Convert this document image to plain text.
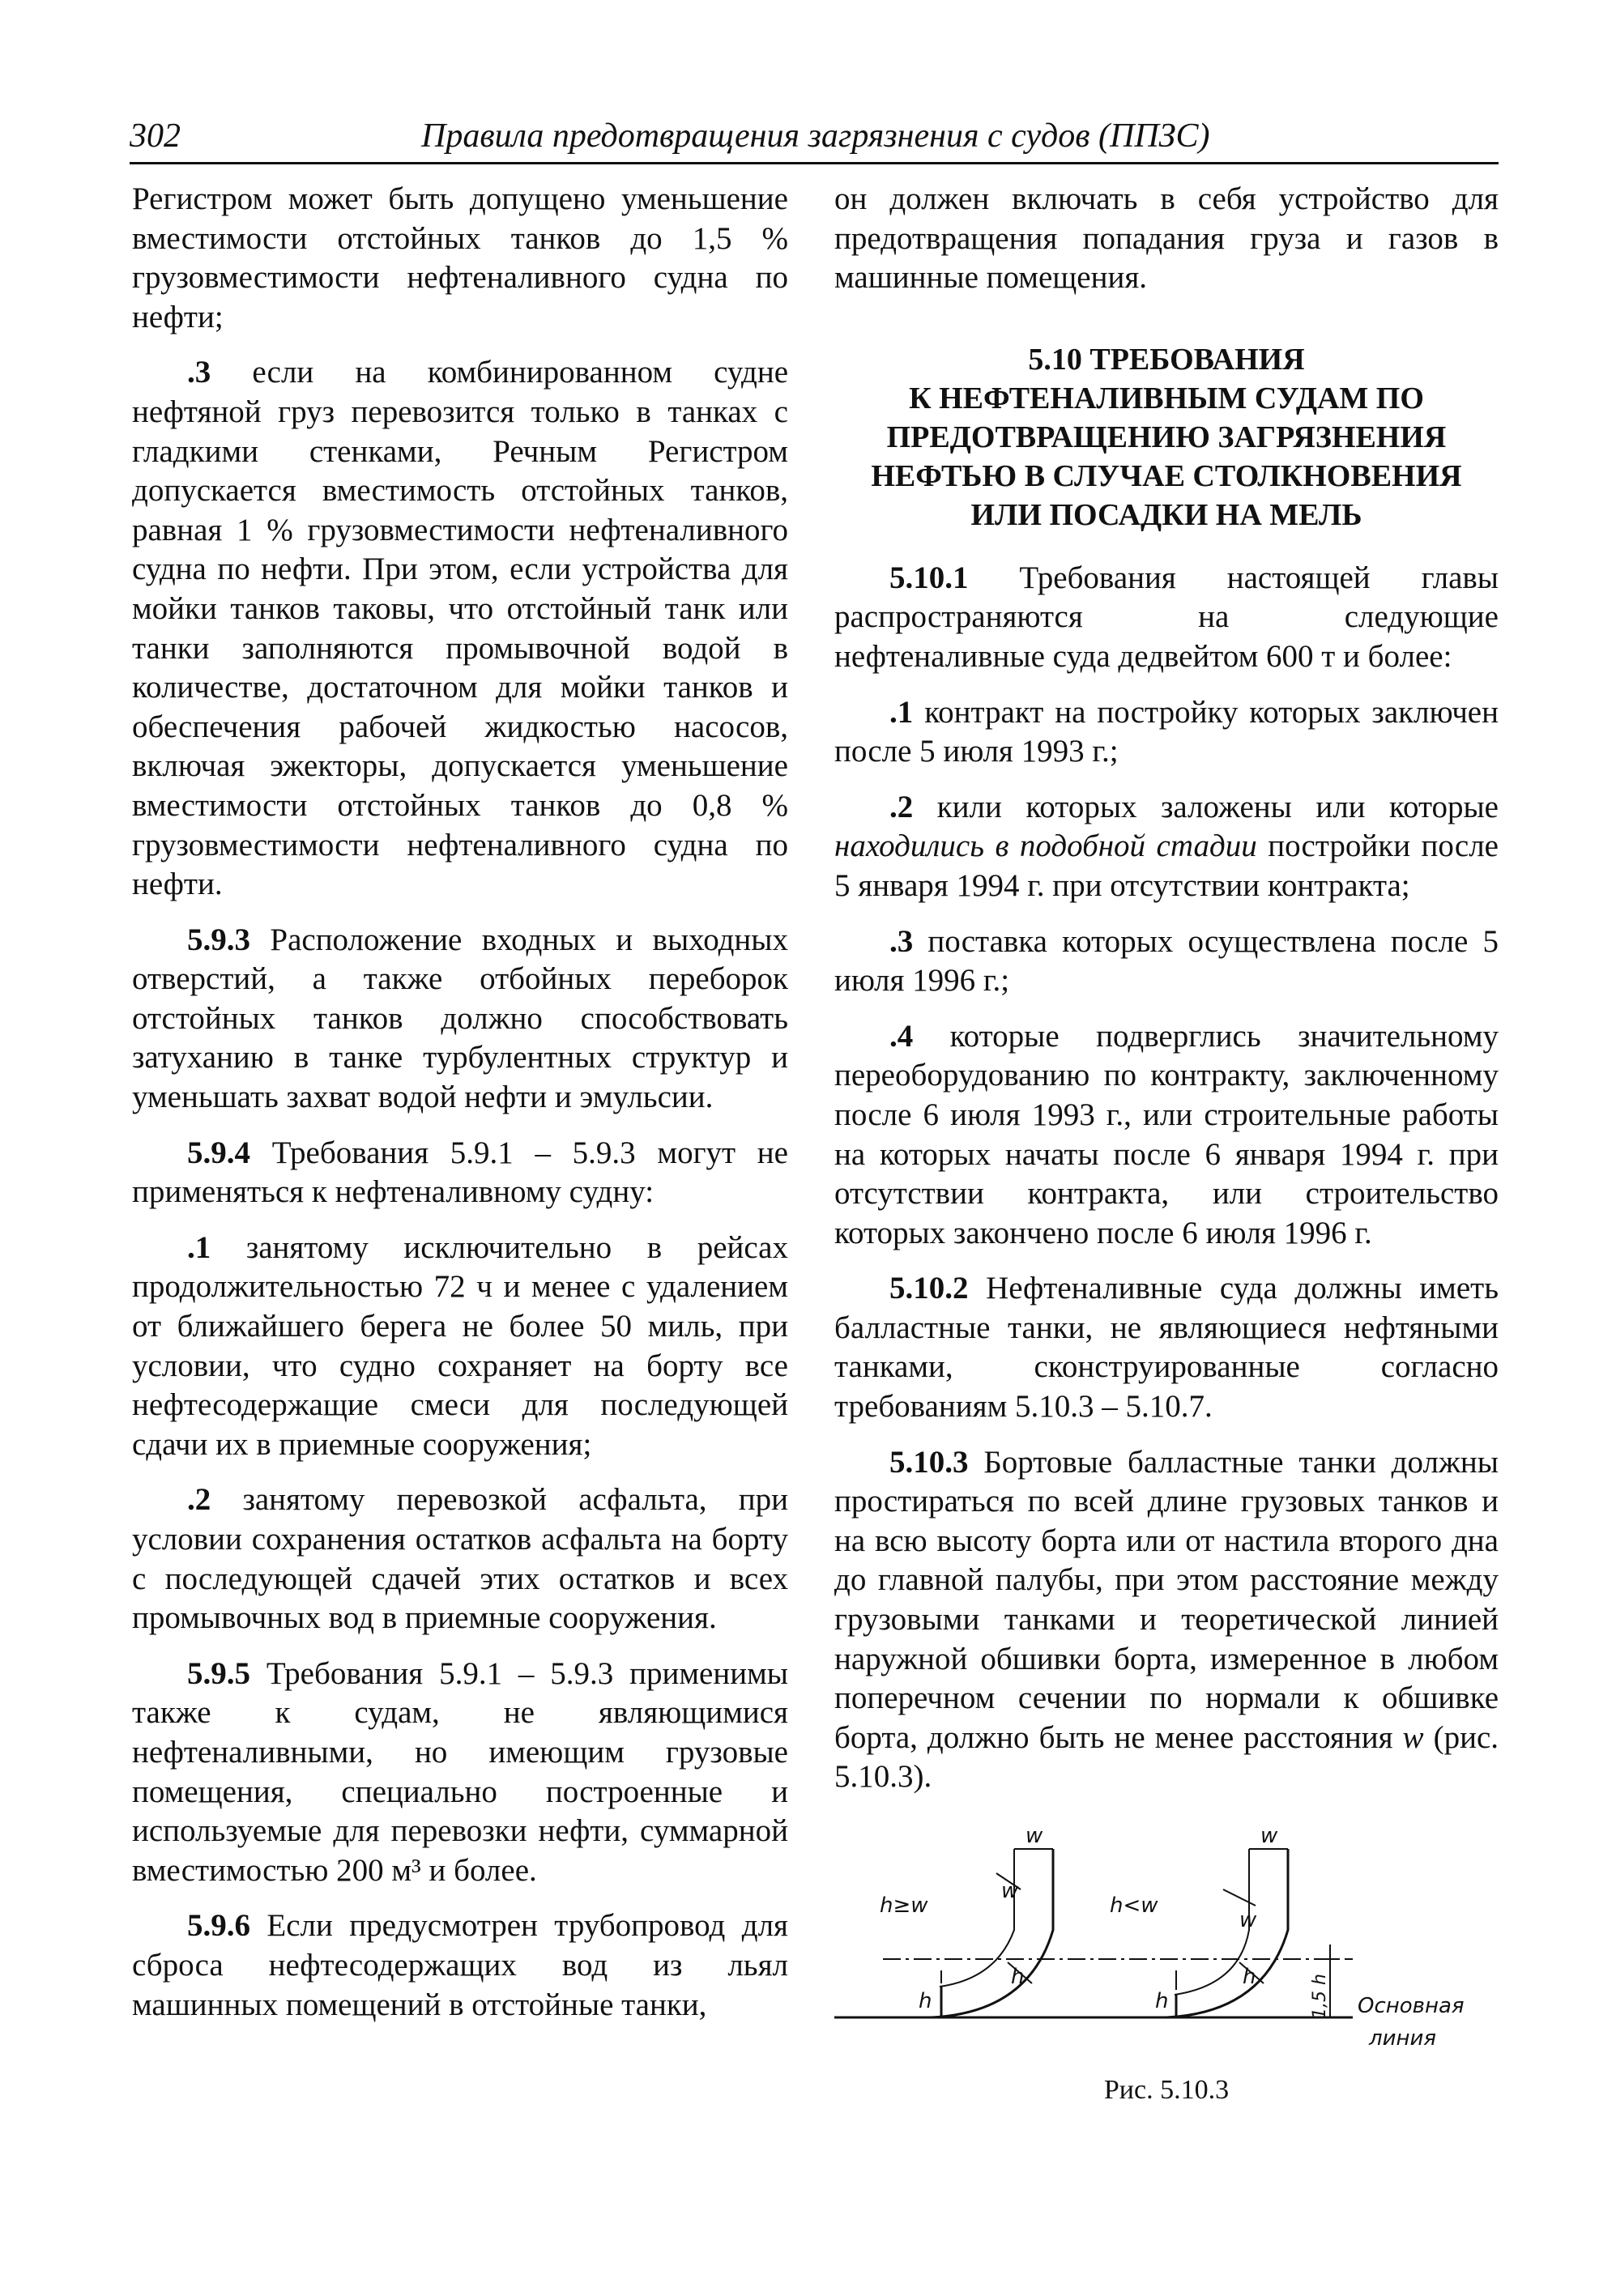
302	Правила предотвращения загрязнения с судов (ППЗС)

Регистром может быть допущено уменьшение вместимости отстойных танков до 1,5 % грузовместимости нефтеналивного судна по нефти;

.3 если на комбинированном судне нефтяной груз перевозится только в танках с гладкими стенками, Речным Регистром допускается вместимость отстойных танков, равная 1 % грузовместимости нефтеналивного судна по нефти. При этом, если устройства для мойки танков таковы, что отстойный танк или танки заполняются промывочной водой в количестве, достаточном для мойки танков и обеспечения рабочей жидкостью насосов, включая эжекторы, допускается уменьшение вместимости отстойных танков до 0,8 % грузовместимости нефтеналивного судна по нефти.

5.9.3 Расположение входных и выходных отверстий, а также отбойных переборок отстойных танков должно способствовать затуханию в танке турбулентных структур и уменьшать захват водой нефти и эмульсии.

5.9.4 Требования 5.9.1 – 5.9.3 могут не применяться к нефтеналивному судну:

.1 занятому исключительно в рейсах продолжительностью 72 ч и менее с удалением от ближайшего берега не более 50 миль, при условии, что судно сохраняет на борту все нефтесодержащие смеси для последующей сдачи их в приемные сооружения;

.2 занятому перевозкой асфальта, при условии сохранения остатков асфальта на борту с последующей сдачей этих остатков и всех промывочных вод в приемные сооружения.

5.9.5 Требования 5.9.1 – 5.9.3 применимы также к судам, не являющимися нефтеналивными, но имеющим грузовые помещения, специально построенные и используемые для перевозки нефти, суммарной вместимостью 200 м³ и более.

5.9.6 Если предусмотрен трубопровод для сброса нефтесодержащих вод из льял машинных помещений в отстойные танки,

он должен включать в себя устройство для предотвращения попадания груза и газов в машинные помещения.

5.10 ТРЕБОВАНИЯ
К НЕФТЕНАЛИВНЫМ СУДАМ ПО
ПРЕДОТВРАЩЕНИЮ ЗАГРЯЗНЕНИЯ
НЕФТЬЮ В СЛУЧАЕ СТОЛКНОВЕНИЯ
ИЛИ ПОСАДКИ НА МЕЛЬ

5.10.1 Требования настоящей главы распространяются на следующие нефтеналивные суда дедвейтом 600 т и более:

.1 контракт на постройку которых заключен после 5 июля 1993 г.;

.2 кили которых заложены или которые находились в подобной стадии постройки после 5 января 1994 г. при отсутствии контракта;

.3 поставка которых осуществлена после 5 июля 1996 г.;

.4 которые подверглись значительному переоборудованию по контракту, заключенному после 6 июля 1993 г., или строительные работы на которых начаты после 6 января 1994 г. при отсутствии контракта, или строительство которых закончено после 6 июля 1996 г.

5.10.2 Нефтеналивные суда должны иметь балластные танки, не являющиеся нефтяными танками, сконструированные согласно требованиям 5.10.3 – 5.10.7.

5.10.3 Бортовые балластные танки должны простираться по всей длине грузовых танков и на всю высоту борта или от настила второго дна до главной палубы, при этом расстояние между грузовыми танками и теоретической линией наружной обшивки борта, измеренное в любом поперечном сечении по нормали к обшивке борта, должно быть не менее расстояния w (рис. 5.10.3).

h≥w	h<w
w
w
w
w
h
h
h
h	1,5 h Основная
линия
Рис. 5.10.3
